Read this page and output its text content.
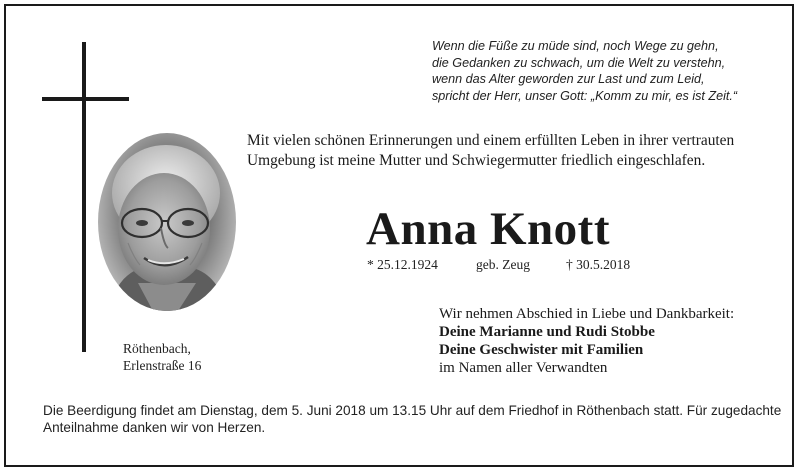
Wenn die Füße zu müde sind, noch Wege zu gehn,
die Gedanken zu schwach, um die Welt zu verstehn,
wenn das Alter geworden zur Last und zum Leid,
spricht der Herr, unser Gott: „Komm zu mir, es ist Zeit.“
Mit vielen schönen Erinnerungen und einem erfüllten Leben in ihrer vertrauten
Umgebung ist meine Mutter und Schwiegermutter friedlich eingeschlafen.
Anna Knott
* 25.12.1924	geb. Zeug	† 30.5.2018
Röthenbach,
Erlenstraße 16
Wir nehmen Abschied in Liebe und Dankbarkeit:
Deine Marianne und Rudi Stobbe
Deine Geschwister mit Familien
im Namen aller Verwandten
Die Beerdigung findet am Dienstag, dem 5. Juni 2018 um 13.15 Uhr auf dem Friedhof in Röthenbach statt. Für zugedachte
Anteilnahme danken wir von Herzen.
